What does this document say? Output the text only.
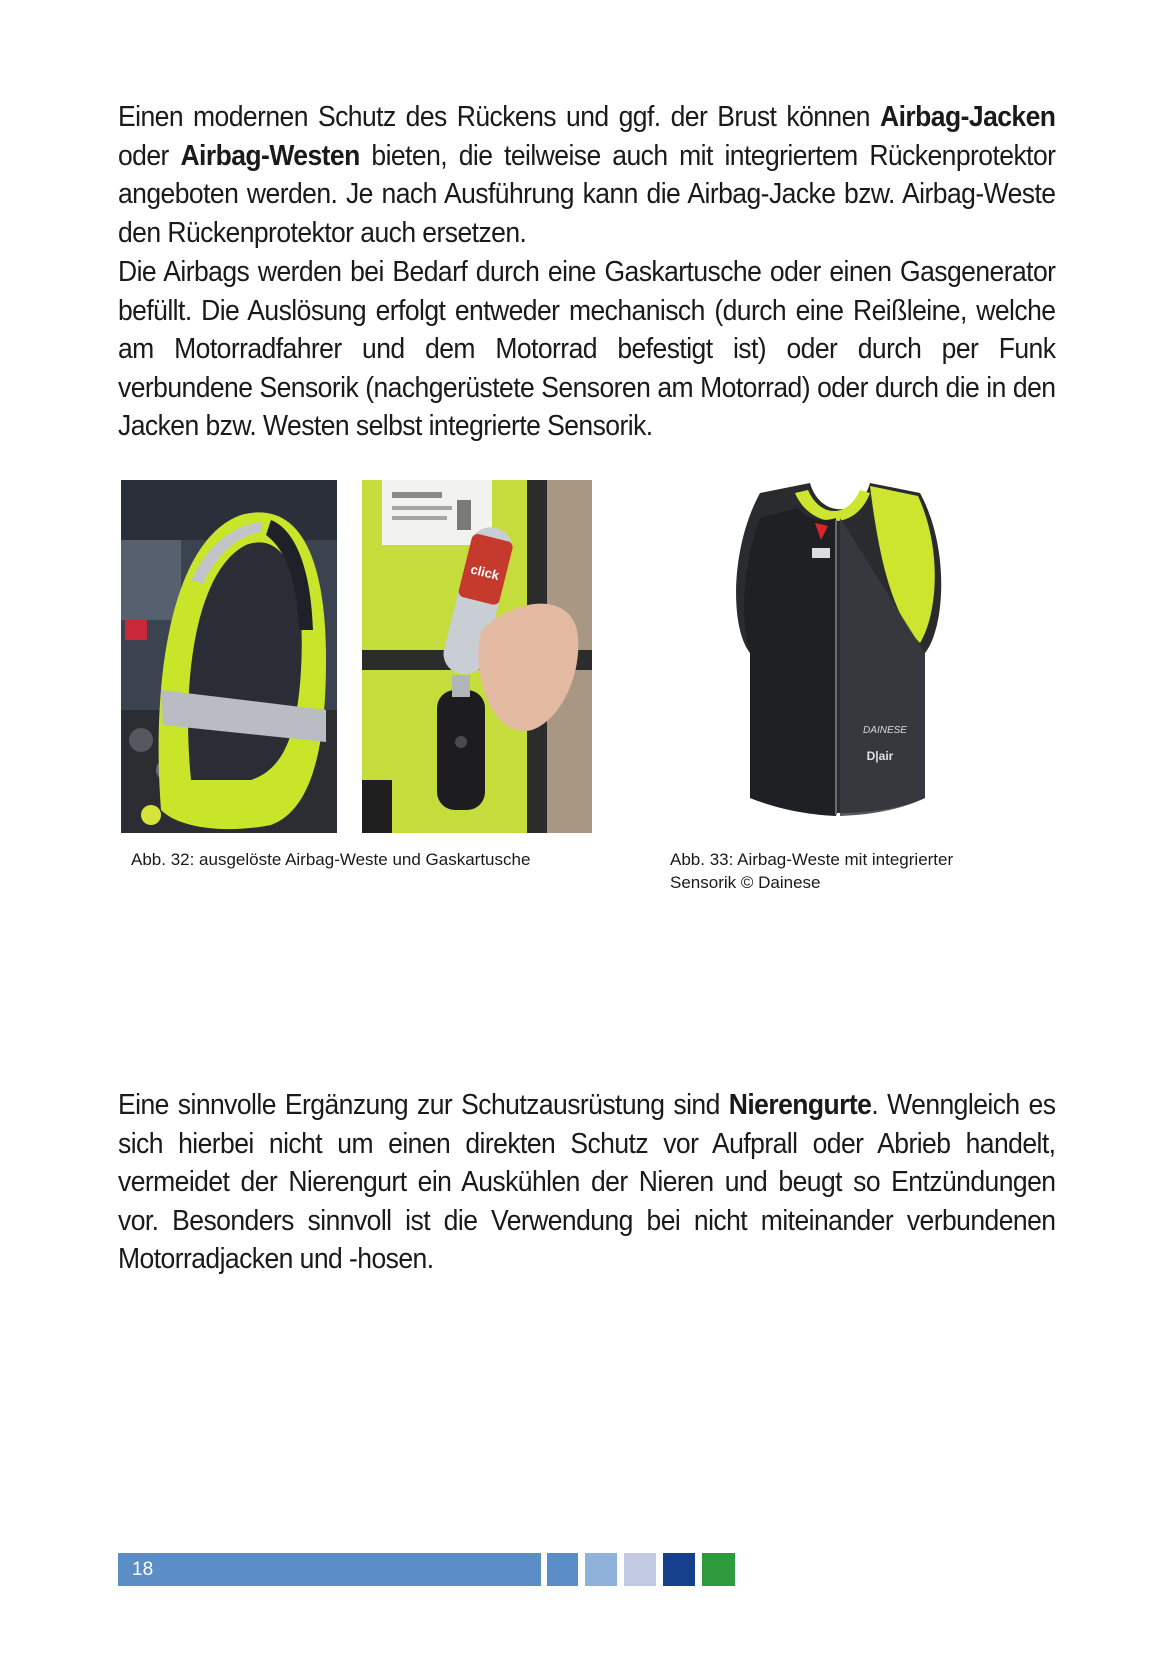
Einen modernen Schutz des Rückens und ggf. der Brust können Airbag-Jacken oder Airbag-Westen bieten, die teilweise auch mit integriertem Rückenprotektor angeboten werden. Je nach Ausführung kann die Airbag-Jacke bzw. Airbag-Weste den Rückenprotektor auch ersetzen.

Die Airbags werden bei Bedarf durch eine Gaskartusche oder einen Gasgenerator befüllt. Die Auslösung erfolgt entweder mechanisch (durch eine Reißleine, welche am Motorradfahrer und dem Motorrad befestigt ist) oder durch per Funk verbundene Sensorik (nachgerüstete Sensoren am Motorrad) oder durch die in den Jacken bzw. Westen selbst integrierte Sensorik.

click
DAINESE
D|air
Abb. 32: ausgelöste Airbag-Weste und Gaskartusche	Abb. 33: Airbag-Weste mit integrierter
Sensorik © Dainese

Eine sinnvolle Ergänzung zur Schutzausrüstung sind Nierengurte. Wenngleich es sich hierbei nicht um einen direkten Schutz vor Aufprall oder Abrieb handelt, vermeidet der Nierengurt ein Auskühlen der Nieren und beugt so Entzündungen vor. Besonders sinnvoll ist die Verwendung bei nicht miteinander verbundenen Motorradjacken und -hosen.

18
